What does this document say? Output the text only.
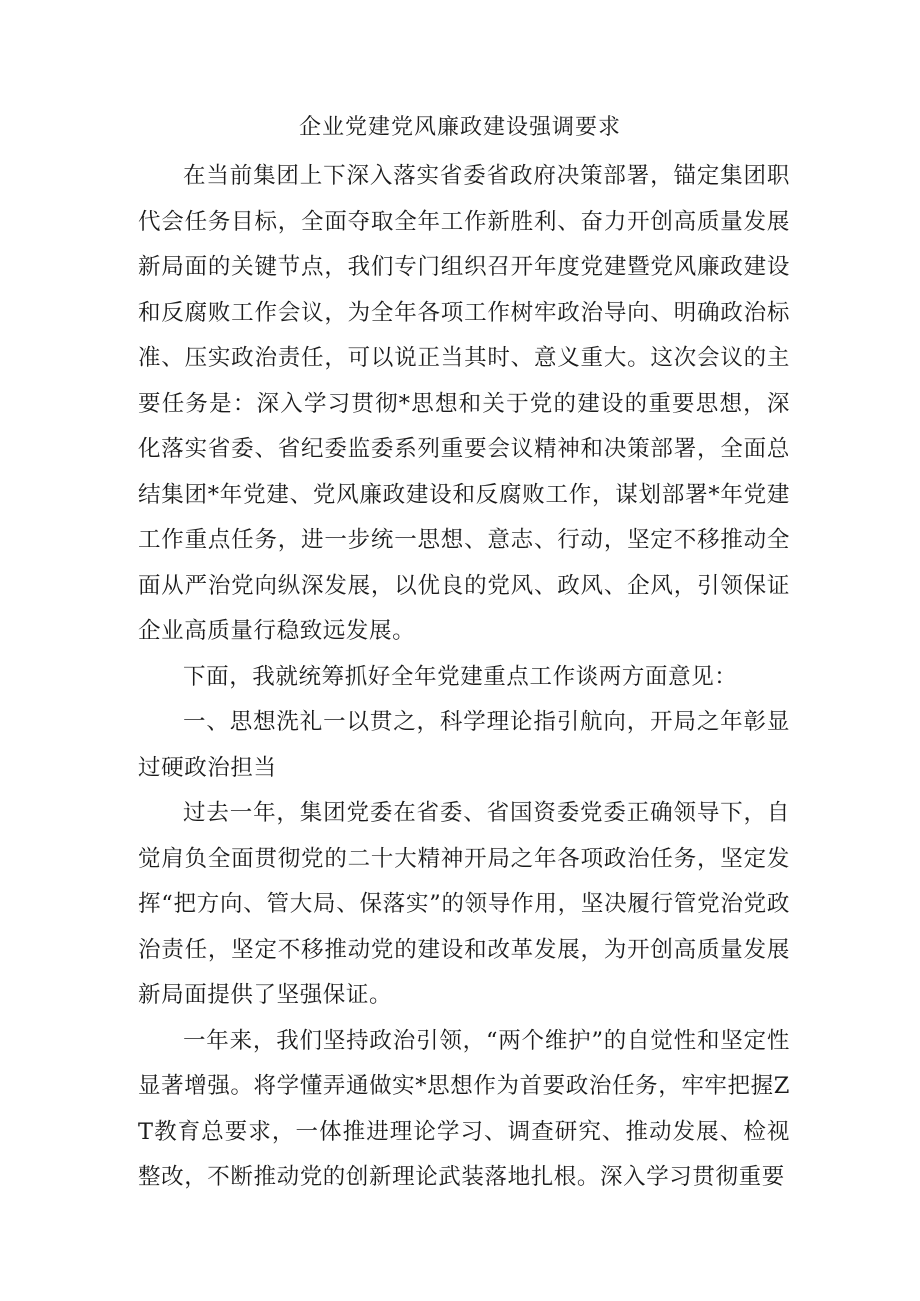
企业党建党风廉政建设强调要求

在当前集团上下深入落实省委省政府决策部署，锚定集团职代会任务目标，全面夺取全年工作新胜利、奋力开创高质量发展新局面的关键节点，我们专门组织召开年度党建暨党风廉政建设和反腐败工作会议，为全年各项工作树牢政治导向、明确政治标准、压实政治责任，可以说正当其时、意义重大。这次会议的主要任务是：深入学习贯彻*思想和关于党的建设的重要思想，深化落实省委、省纪委监委系列重要会议精神和决策部署，全面总结集团*年党建、党风廉政建设和反腐败工作，谋划部署*年党建工作重点任务，进一步统一思想、意志、行动，坚定不移推动全面从严治党向纵深发展，以优良的党风、政风、企风，引领保证企业高质量行稳致远发展。

下面，我就统筹抓好全年党建重点工作谈两方面意见：

一、思想洗礼一以贯之，科学理论指引航向，开局之年彰显过硬政治担当

过去一年，集团党委在省委、省国资委党委正确领导下，自觉肩负全面贯彻党的二十大精神开局之年各项政治任务，坚定发挥“把方向、管大局、保落实”的领导作用，坚决履行管党治党政治责任，坚定不移推动党的建设和改革发展，为开创高质量发展新局面提供了坚强保证。

一年来，我们坚持政治引领，“两个维护”的自觉性和坚定性显著增强。将学懂弄通做实*思想作为首要政治任务，牢牢把握ZT教育总要求，一体推进理论学习、调查研究、推动发展、检视整改，不断推动党的创新理论武装落地扎根。深入学习贯彻重要
